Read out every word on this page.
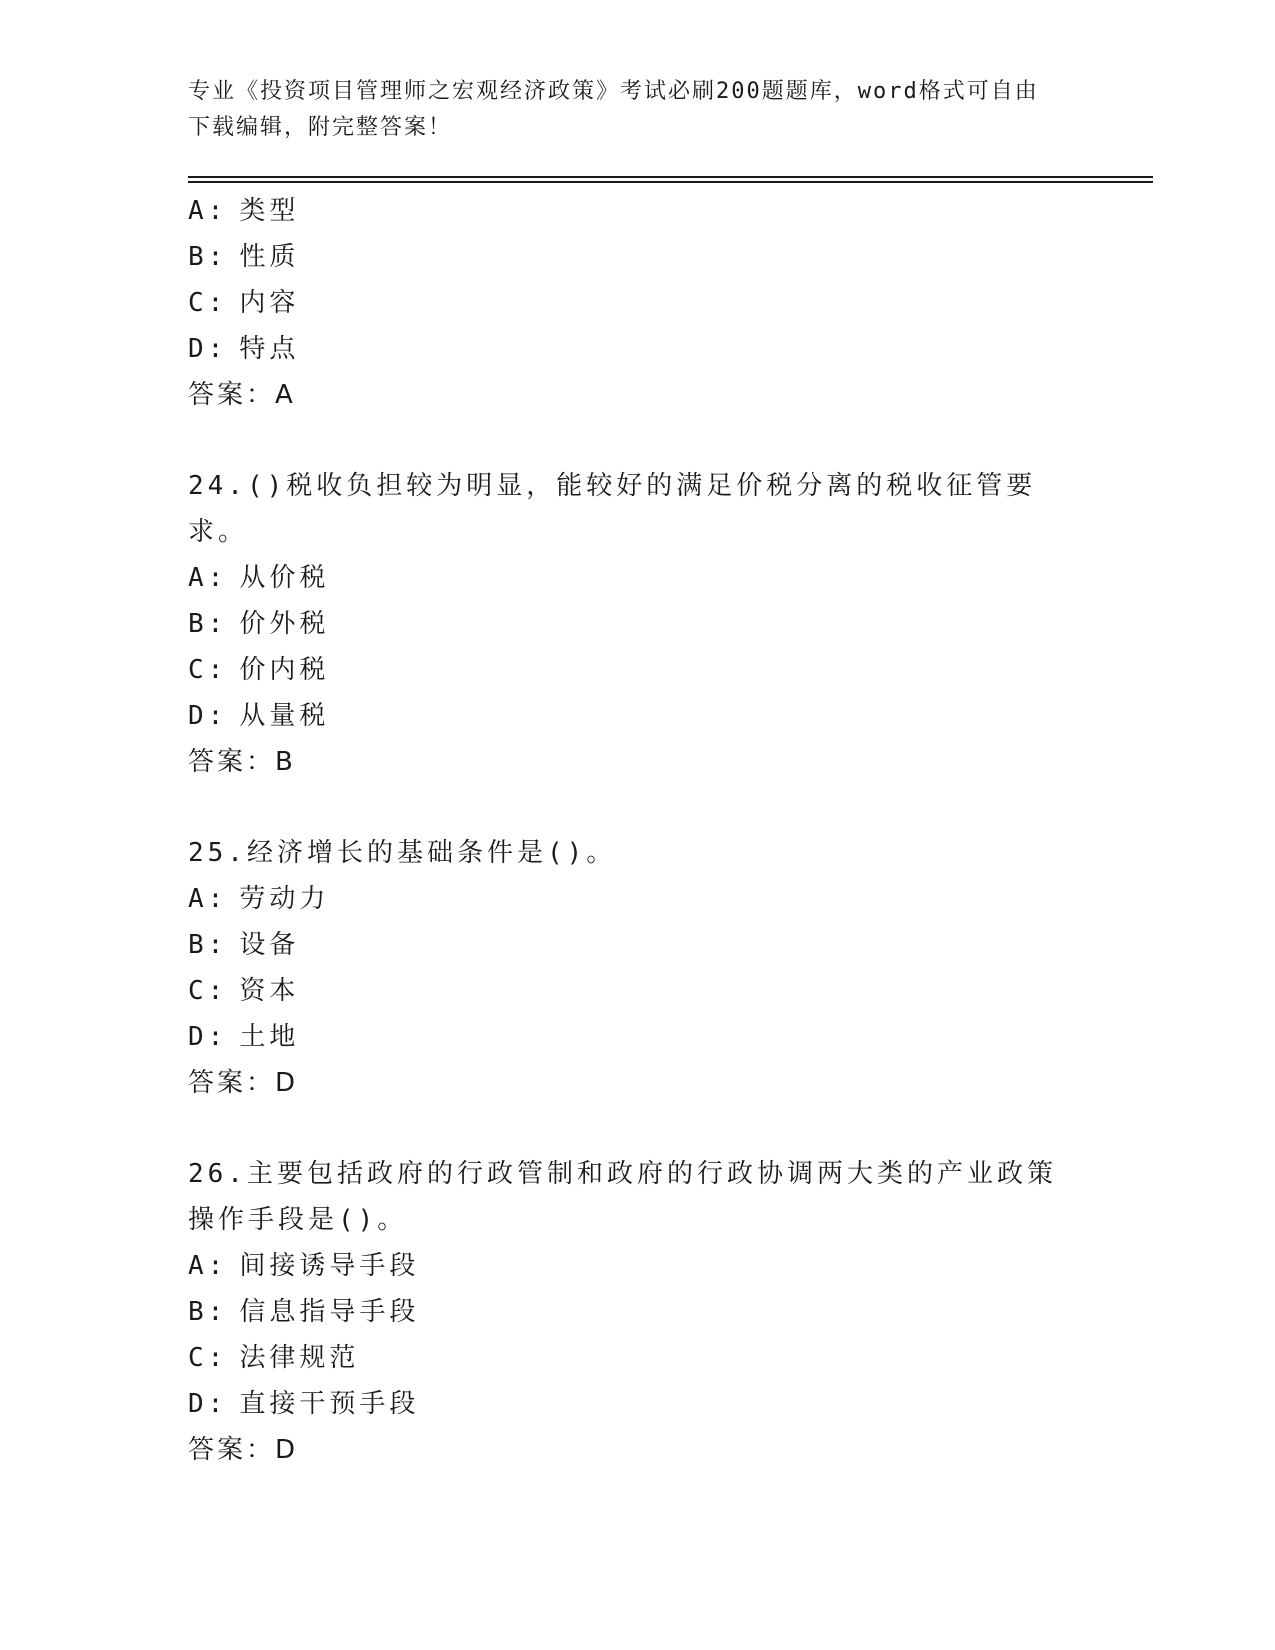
专业《投资项目管理师之宏观经济政策》考试必刷200题题库，word格式可自由
下载编辑，附完整答案！
A: 类型
B: 性质
C: 内容
D: 特点
答案：A
24.()税收负担较为明显，能较好的满足价税分离的税收征管要求。
A: 从价税
B: 价外税
C: 价内税
D: 从量税
答案：B
25.经济增长的基础条件是()。
A: 劳动力
B: 设备
C: 资本
D: 土地
答案：D
26.主要包括政府的行政管制和政府的行政协调两大类的产业政策操作手段是()。
A: 间接诱导手段
B: 信息指导手段
C: 法律规范
D: 直接干预手段
答案：D
